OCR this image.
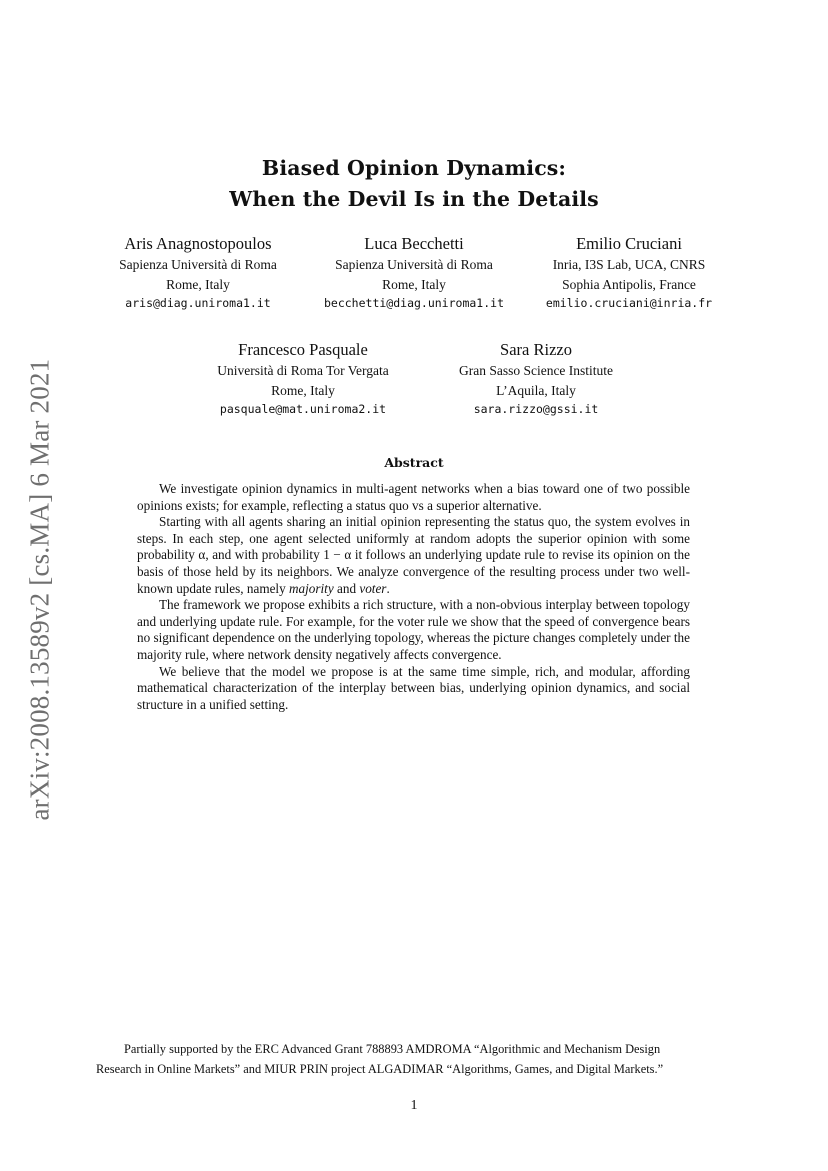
arXiv:2008.13589v2 [cs.MA] 6 Mar 2021
Biased Opinion Dynamics:
When the Devil Is in the Details
Aris Anagnostopoulos
Sapienza Università di Roma
Rome, Italy
aris@diag.uniroma1.it
Luca Becchetti
Sapienza Università di Roma
Rome, Italy
becchetti@diag.uniroma1.it
Emilio Cruciani
Inria, I3S Lab, UCA, CNRS
Sophia Antipolis, France
emilio.cruciani@inria.fr
Francesco Pasquale
Università di Roma Tor Vergata
Rome, Italy
pasquale@mat.uniroma2.it
Sara Rizzo
Gran Sasso Science Institute
L’Aquila, Italy
sara.rizzo@gssi.it
Abstract

We investigate opinion dynamics in multi-agent networks when a bias toward one of two possible opinions exists; for example, reflecting a status quo vs a superior alternative.

Starting with all agents sharing an initial opinion representing the status quo, the system evolves in steps. In each step, one agent selected uniformly at random adopts the superior opinion with some probability α, and with probability 1 − α it follows an underlying update rule to revise its opinion on the basis of those held by its neighbors. We analyze convergence of the resulting process under two well-known update rules, namely majority and voter.

The framework we propose exhibits a rich structure, with a non-obvious interplay between topology and underlying update rule. For example, for the voter rule we show that the speed of convergence bears no significant dependence on the underlying topology, whereas the picture changes completely under the majority rule, where network density negatively affects convergence.

We believe that the model we propose is at the same time simple, rich, and modular, affording mathematical characterization of the interplay between bias, underlying opinion dynamics, and social structure in a unified setting.

Partially supported by the ERC Advanced Grant 788893 AMDROMA “Algorithmic and Mechanism Design
Research in Online Markets” and MIUR PRIN project ALGADIMAR “Algorithms, Games, and Digital Markets.”
1
